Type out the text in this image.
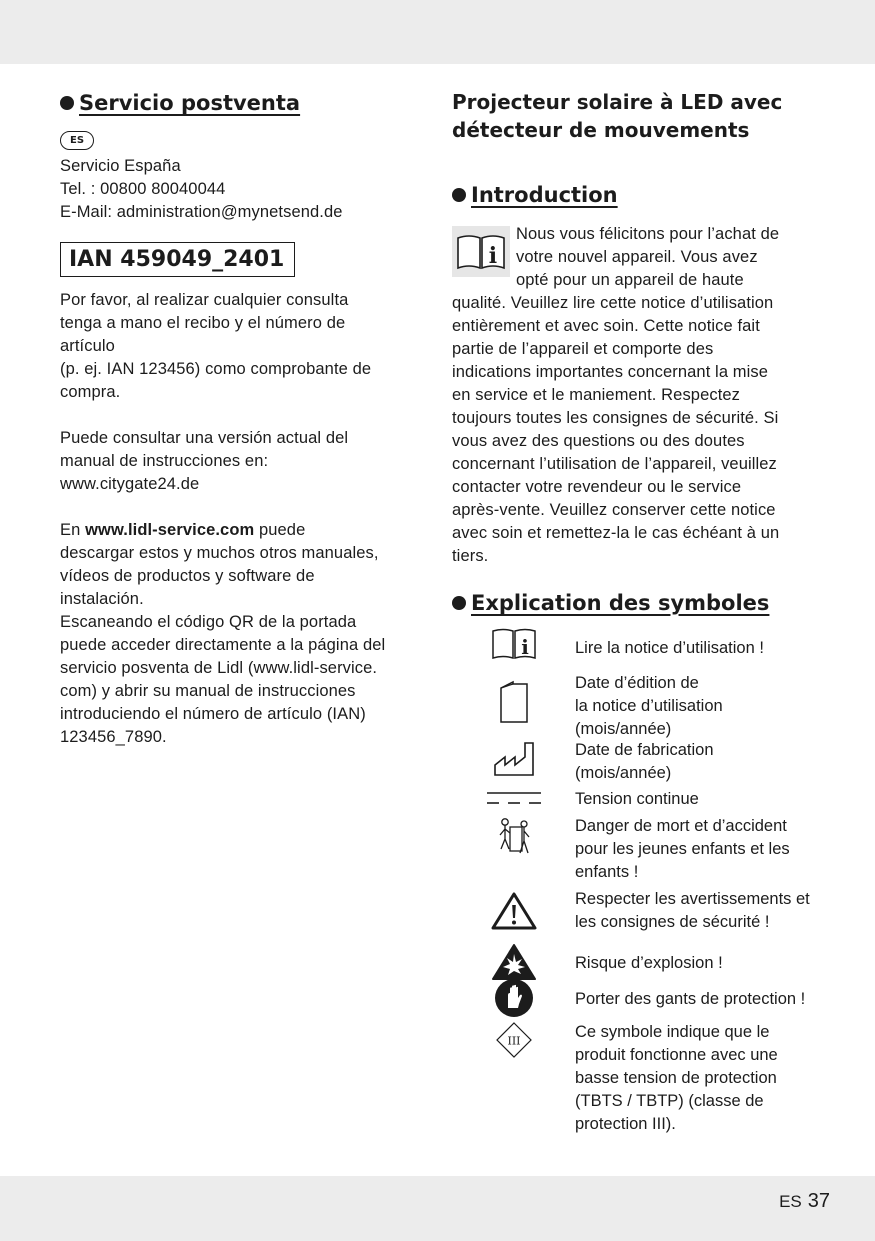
Servicio postventa
ES
Servicio España
Tel. : 00800 80040044
E-Mail: administration@mynetsend.de
IAN 459049_2401
Por favor, al realizar cualquier consulta
tenga a mano el recibo y el número de
artículo
(p. ej. IAN 123456) como comprobante de
compra.
Puede consultar una versión actual del
manual de instrucciones en:
www.citygate24.de
En www.lidl-service.com puede
descargar estos y muchos otros manuales,
vídeos de productos y software de
instalación.
Escaneando el código QR de la portada
puede acceder directamente a la página del
servicio posventa de Lidl (www.lidl-service.
com) y abrir su manual de instrucciones
introduciendo el número de artículo (IAN)
123456_7890.
Projecteur solaire à LED avec
détecteur de mouvements
Introduction
i
Nous vous félicitons pour l’achat de
votre nouvel appareil. Vous avez
opté pour un appareil de haute
qualité. Veuillez lire cette notice d’utilisation
entièrement et avec soin. Cette notice fait
partie de l’appareil et comporte des
indications importantes concernant la mise
en service et le maniement. Respectez
toujours toutes les consignes de sécurité. Si
vous avez des questions ou des doutes
concernant l’utilisation de l’appareil, veuillez
contacter votre revendeur ou le service
après-vente. Veuillez conserver cette notice
avec soin et remettez-la le cas échéant à un
tiers.
Explication des symboles
i	Lire la notice d’utilisation !
Date d’édition de
la notice d’utilisation
(mois/année)
Date de fabrication
(mois/année)
Tension continue
Danger de mort et d’accident
pour les jeunes enfants et les
enfants !
Respecter les avertissements et
les consignes de sécurité !
Risque d’explosion !
Porter des gants de protection !
III	Ce symbole indique que le
produit fonctionne avec une
basse tension de protection
(TBTS / TBTP) (classe de
protection III).
ES 37
